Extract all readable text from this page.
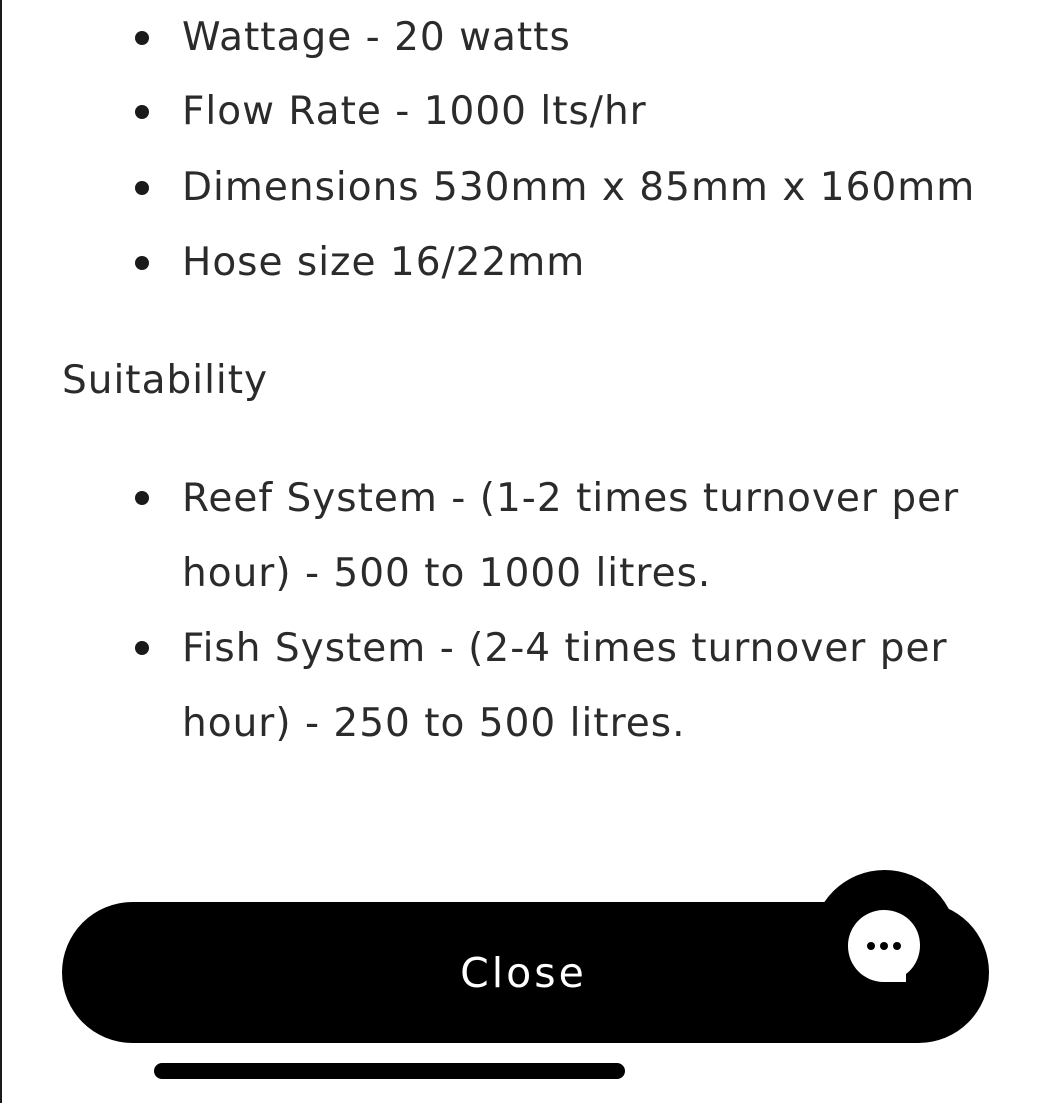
Wattage - 20 watts
Flow Rate - 1000 lts/hr
Dimensions 530mm x 85mm x 160mm
Hose size 16/22mm
Suitability
Reef System - (1-2 times turnover per hour) - 500 to 1000 litres.
Fish System - (2-4 times turnover per hour) - 250 to 500 litres.
Close
